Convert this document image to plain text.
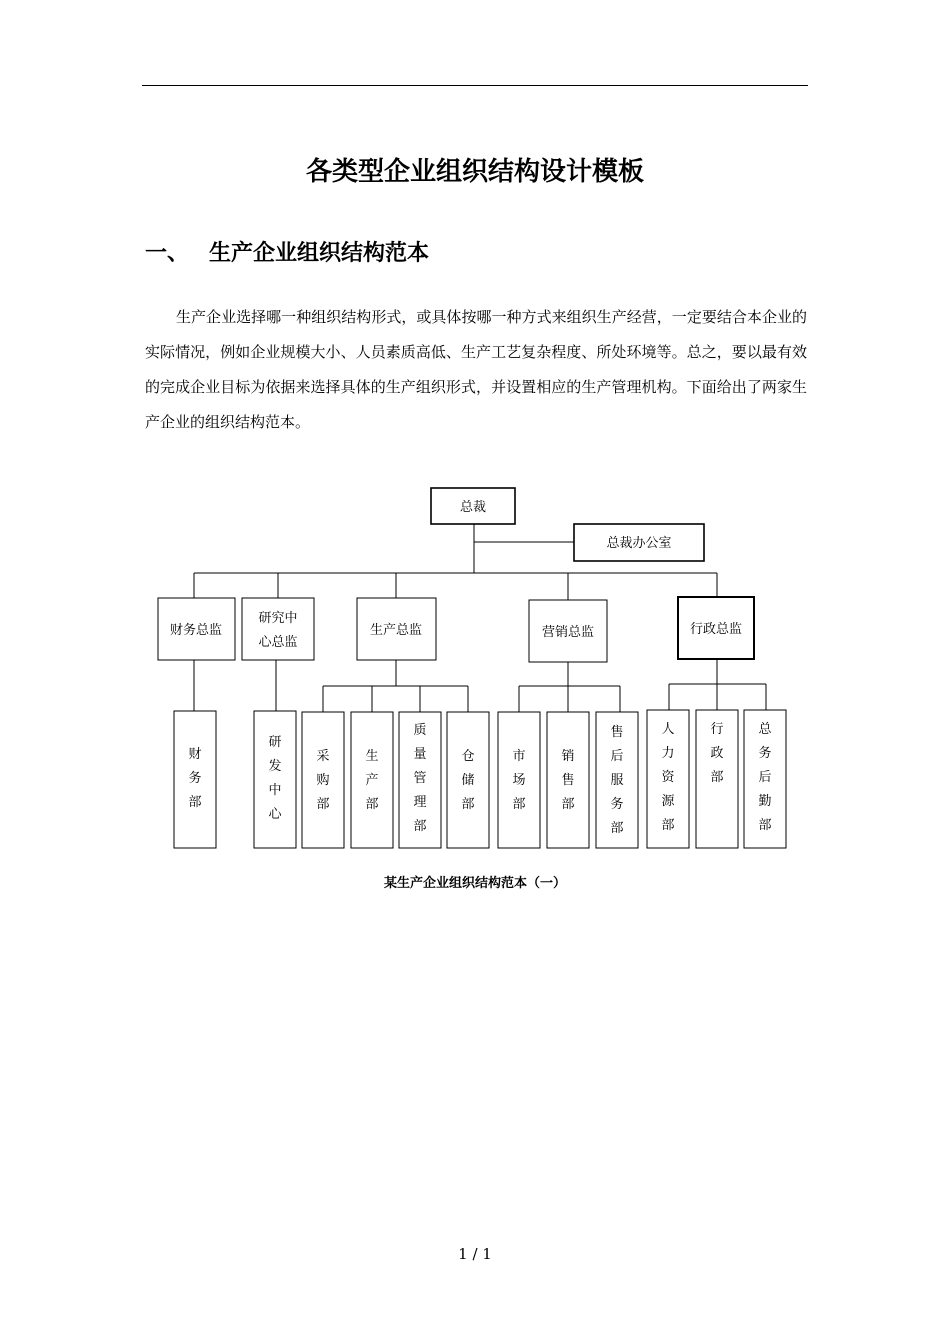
各类型企业组织结构设计模板
一、 生产企业组织结构范本

生产企业选择哪一种组织结构形式，或具体按哪一种方式来组织生产经营，一定要结合本企业的实际情况，例如企业规模大小、人员素质高低、生产工艺复杂程度、所处环境等。总之，要以最有效的完成企业目标为依据来选择具体的生产组织形式，并设置相应的生产管理机构。下面给出了两家生产企业的组织结构范本。

总裁
总裁办公室
财务总监
研究中
心总监
生产总监	营销总监	行政总监
财
务
部
研
发
中
心
采
购
部
生
产
部
质
量
管
理
部
仓
储
部
市
场
部
销
售
部
售
后
服
务
部
人
力
资
源
部
行
政
部
总
务
后
勤
部

某生产企业组织结构范本（一）

1 / 1
